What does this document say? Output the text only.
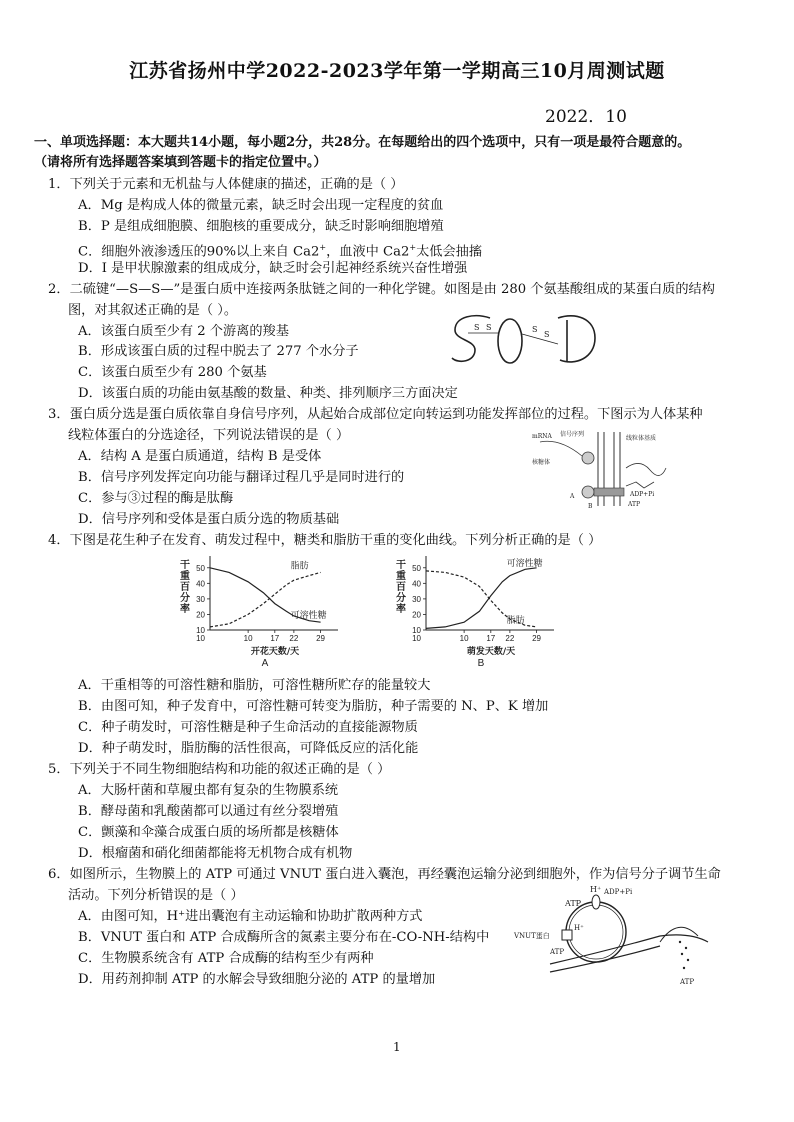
江苏省扬州中学2022-2023学年第一学期高三10月周测试题
2022．10
一、单项选择题：本大题共14小题，每小题2分，共28分。在每题给出的四个选项中，只有一项是最符合题意的。
（请将所有选择题答案填到答题卡的指定位置中。）
1．下列关于元素和无机盐与人体健康的描述，正确的是（ ）
A．Mg 是构成人体的微量元素，缺乏时会出现一定程度的贫血
B．P 是组成细胞膜、细胞核的重要成分，缺乏时影响细胞增殖
C．细胞外液渗透压的90%以上来自 Ca2+，血液中 Ca2+太低会抽搐
D．I 是甲状腺激素的组成成分，缺乏时会引起神经系统兴奋性增强
2．二硫键“—S—S—”是蛋白质中连接两条肽链之间的一种化学键。如图是由 280 个氨基酸组成的某蛋白质的结构
图，对其叙述正确的是（ ）。
A．该蛋白质至少有 2 个游离的羧基
B．形成该蛋白质的过程中脱去了 277 个水分子
C．该蛋白质至少有 280 个氨基
D．该蛋白质的功能由氨基酸的数量、种类、排列顺序三方面决定
S S	S
S
3．蛋白质分选是蛋白质依靠自身信号序列，从起始合成部位定向转运到功能发挥部位的过程。下图示为人体某种
线粒体蛋白的分选途径，下列说法错误的是（ ）
A．结构 A 是蛋白质通道，结构 B 是受体
B．信号序列发挥定向功能与翻译过程几乎是同时进行的
C．参与③过程的酶是肽酶
D．信号序列和受体是蛋白质分选的物质基础
mRNA 信号序列
核糖体
线粒体基质
ATP
ADP+Pi
A
B
4．下图是花生种子在发育、萌发过程中，糖类和脂肪干重的变化曲线。下列分析正确的是（ ）
10
20
30
40
50
10 17 22 29
10
脂肪
可溶性糖
干
重
百
分
率
开花天数/天
A
10
20
30
40
50
10 17 22 29
10
可溶性糖
脂肪
干
重
百
分
率
萌发天数/天
B
A．干重相等的可溶性糖和脂肪，可溶性糖所贮存的能量较大
B．由图可知，种子发育中，可溶性糖可转变为脂肪，种子需要的 N、P、K 增加
C．种子萌发时，可溶性糖是种子生命活动的直接能源物质
D．种子萌发时，脂肪酶的活性很高，可降低反应的活化能
5．下列关于不同生物细胞结构和功能的叙述正确的是（ ）
A．大肠杆菌和草履虫都有复杂的生物膜系统
B．酵母菌和乳酸菌都可以通过有丝分裂增殖
C．颤藻和伞藻合成蛋白质的场所都是核糖体
D．根瘤菌和硝化细菌都能将无机物合成有机物
6．如图所示，生物膜上的 ATP 可通过 VNUT 蛋白进入囊泡，再经囊泡运输分泌到细胞外，作为信号分子调节生命
活动。下列分析错误的是（ ）
A．由图可知，H⁺进出囊泡有主动运输和协助扩散两种方式
B．VNUT 蛋白和 ATP 合成酶所含的氮素主要分布在-CO-NH-结构中
C．生物膜系统含有 ATP 合成酶的结构至少有两种
D．用药剂抑制 ATP 的水解会导致细胞分泌的 ATP 的量增加
ATP
H⁺ ADP+Pi
VNUT蛋白
H⁺
ATP
ATP
1
